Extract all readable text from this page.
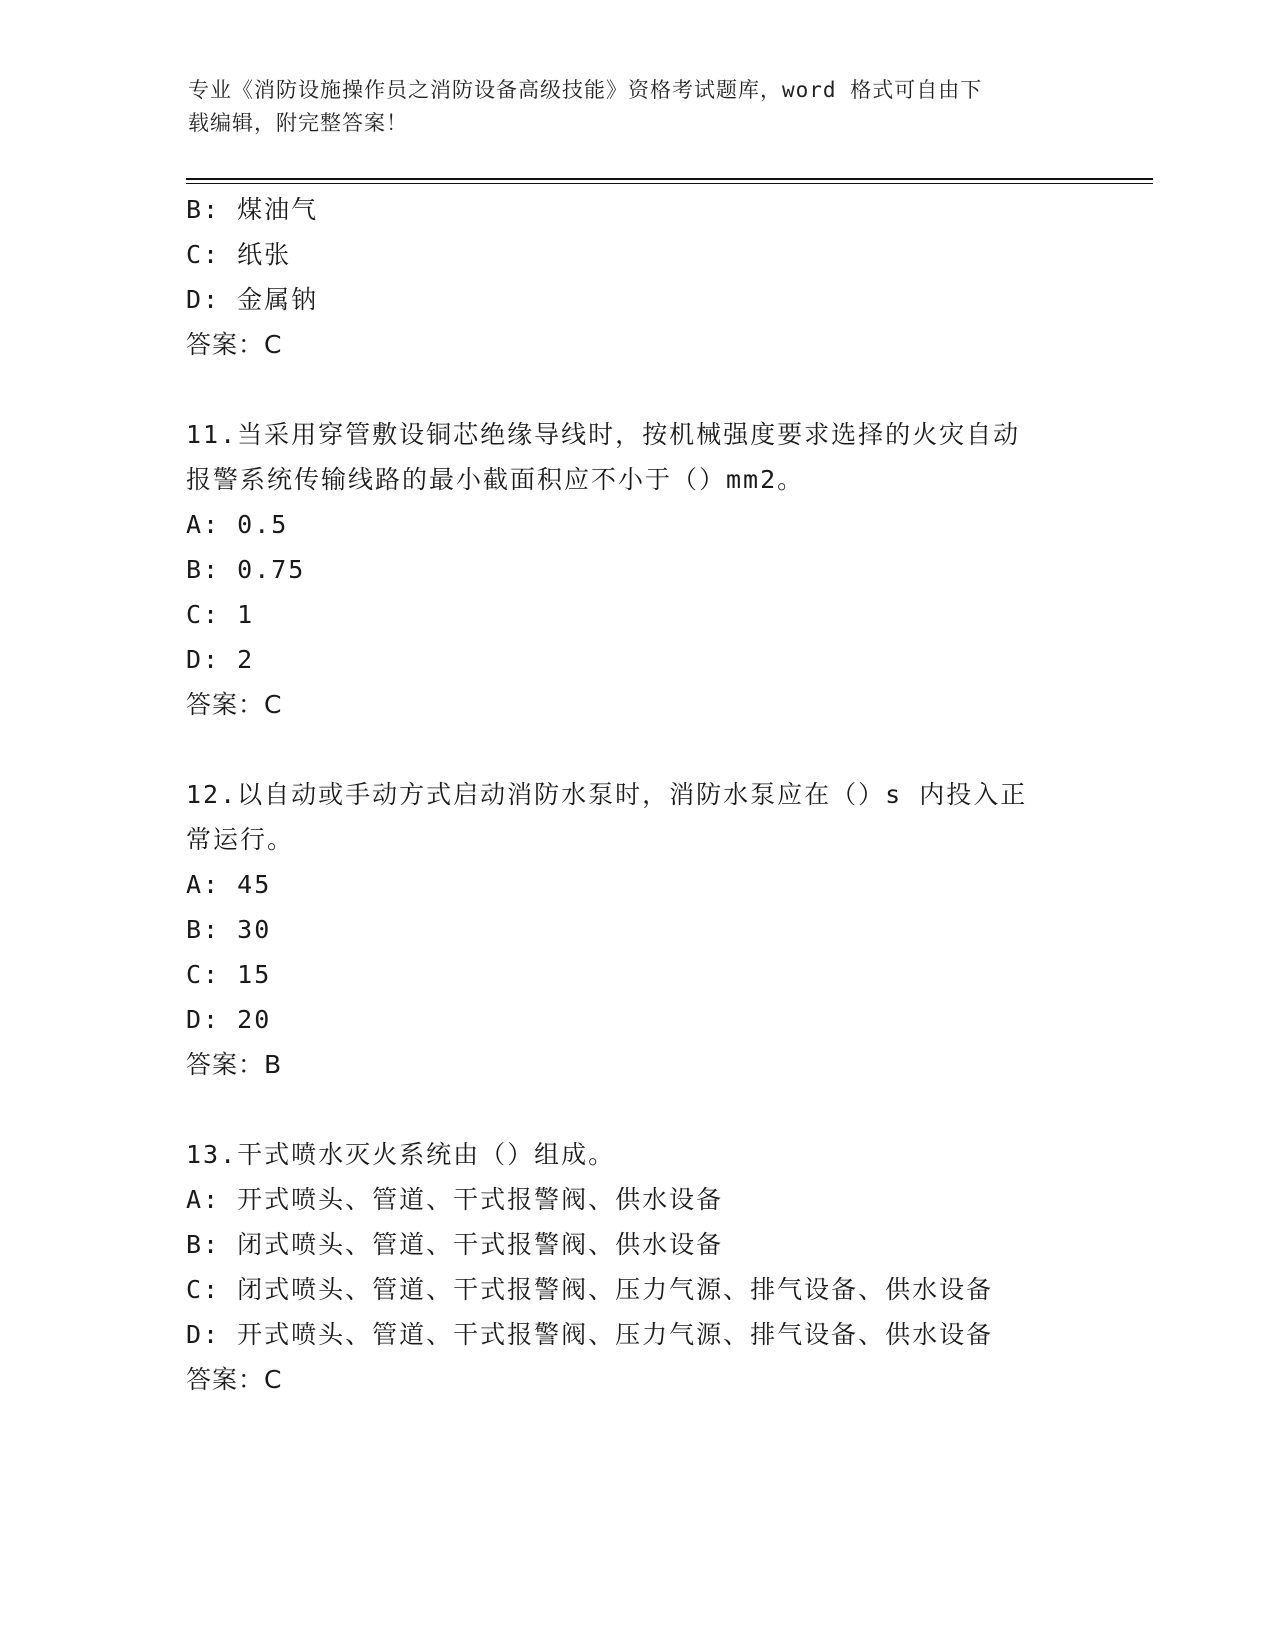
专业《消防设施操作员之消防设备高级技能》资格考试题库，word 格式可自由下
载编辑，附完整答案！
B: 煤油气
C: 纸张
D: 金属钠
答案：C
11.当采用穿管敷设铜芯绝缘导线时，按机械强度要求选择的火灾自动
报警系统传输线路的最小截面积应不小于（）mm2。
A: 0.5
B: 0.75
C: 1
D: 2
答案：C
12.以自动或手动方式启动消防水泵时，消防水泵应在（）s 内投入正
常运行。
A: 45
B: 30
C: 15
D: 20
答案：B
13.干式喷水灭火系统由（）组成。
A: 开式喷头、管道、干式报警阀、供水设备
B: 闭式喷头、管道、干式报警阀、供水设备
C: 闭式喷头、管道、干式报警阀、压力气源、排气设备、供水设备
D: 开式喷头、管道、干式报警阀、压力气源、排气设备、供水设备
答案：C
